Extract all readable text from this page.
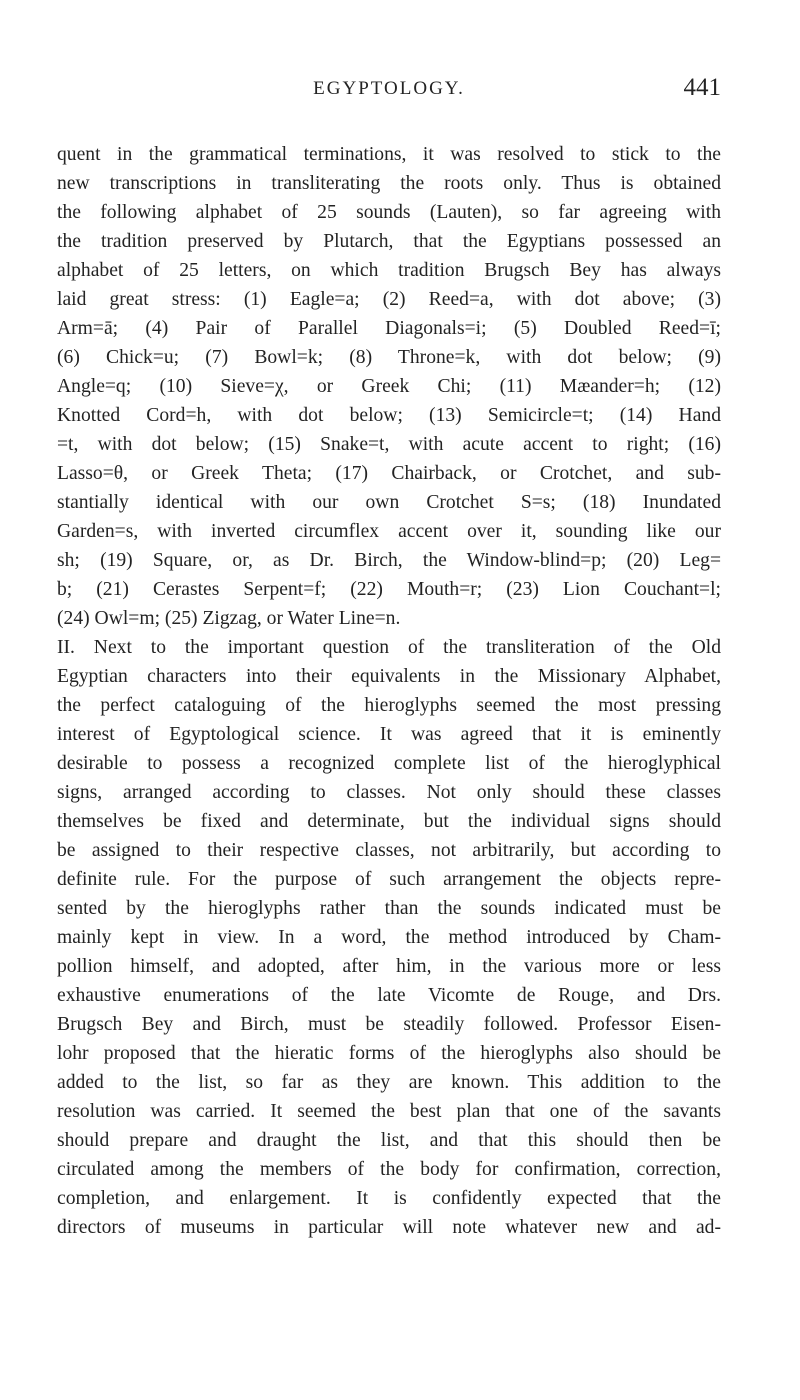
EGYPTOLOGY.	441

quent in the grammatical terminations, it was resolved to stick to the
new transcriptions in transliterating the roots only. Thus is obtained
the following alphabet of 25 sounds (Lauten), so far agreeing with
the tradition preserved by Plutarch, that the Egyptians possessed an
alphabet of 25 letters, on which tradition Brugsch Bey has always
laid great stress: (1) Eagle=a; (2) Reed=a, with dot above; (3)
Arm=ā; (4) Pair of Parallel Diagonals=i; (5) Doubled Reed=ī;
(6) Chick=u; (7) Bowl=k; (8) Throne=k, with dot below; (9)
Angle=q; (10) Sieve=χ, or Greek Chi; (11) Mæander=h; (12)
Knotted Cord=h, with dot below; (13) Semicircle=t; (14) Hand
=t, with dot below; (15) Snake=t, with acute accent to right; (16)
Lasso=θ, or Greek Theta; (17) Chairback, or Crotchet, and sub-
stantially identical with our own Crotchet S=s; (18) Inundated
Garden=s, with inverted circumflex accent over it, sounding like our
sh; (19) Square, or, as Dr. Birch, the Window-blind=p; (20) Leg=
b; (21) Cerastes Serpent=f; (22) Mouth=r; (23) Lion Couchant=l;
(24) Owl=m; (25) Zigzag, or Water Line=n.

II. Next to the important question of the transliteration of the Old
Egyptian characters into their equivalents in the Missionary Alphabet,
the perfect cataloguing of the hieroglyphs seemed the most pressing
interest of Egyptological science. It was agreed that it is eminently
desirable to possess a recognized complete list of the hieroglyphical
signs, arranged according to classes. Not only should these classes
themselves be fixed and determinate, but the individual signs should
be assigned to their respective classes, not arbitrarily, but according to
definite rule. For the purpose of such arrangement the objects repre-
sented by the hieroglyphs rather than the sounds indicated must be
mainly kept in view. In a word, the method introduced by Cham-
pollion himself, and adopted, after him, in the various more or less
exhaustive enumerations of the late Vicomte de Rouge, and Drs.
Brugsch Bey and Birch, must be steadily followed. Professor Eisen-
lohr proposed that the hieratic forms of the hieroglyphs also should be
added to the list, so far as they are known. This addition to the
resolution was carried. It seemed the best plan that one of the savants
should prepare and draught the list, and that this should then be
circulated among the members of the body for confirmation, correction,
completion, and enlargement. It is confidently expected that the
directors of museums in particular will note whatever new and ad-
